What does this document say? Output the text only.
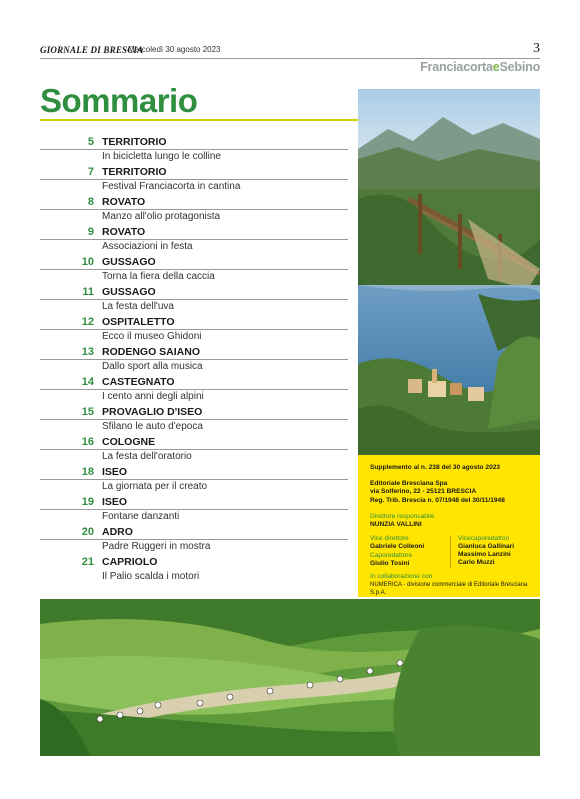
GIORNALE DI BRESCIA
Mercoledì 30 agosto 2023	3
FranciacortaeSebino
Sommario
5 TERRITORIO
In bicicletta lungo le colline
7 TERRITORIO
Festival Franciacorta in cantina
8 ROVATO
Manzo all'olio protagonista
9 ROVATO
Associazioni in festa
10 GUSSAGO
Torna la fiera della caccia
11 GUSSAGO
La festa dell'uva
12 OSPITALETTO
Ecco il museo Ghidoni
13 RODENGO SAIANO
Dallo sport alla musica
14 CASTEGNATO
I cento anni degli alpini
15 PROVAGLIO D'ISEO
Sfilano le auto d'epoca
16 COLOGNE
La festa dell'oratorio
18 ISEO
La giornata per il creato
19 ISEO
Fontane danzanti
20 ADRO
Padre Ruggeri in mostra
21 CAPRIOLO
Il Palio scalda i motori
Supplemento al n. 238 del 30 agosto 2023
Editoriale Bresciana Spa
via Solferino, 22 - 25121 BRESCIA
Reg. Trib. Brescia n. 07/1948 del 30/11/1948
Direttore responsabile
NUNZIA VALLINI
Vice direttore
Gabriele Colleoni
Caporedattore
Giulio Tosini
Vicecaporedattori
Gianluca Gallinari
Massimo Lanzini
Carlo Muzzi
In collaborazione con
NUMERICA - divisione commerciale di Editoriale Bresciana S.p.A.
